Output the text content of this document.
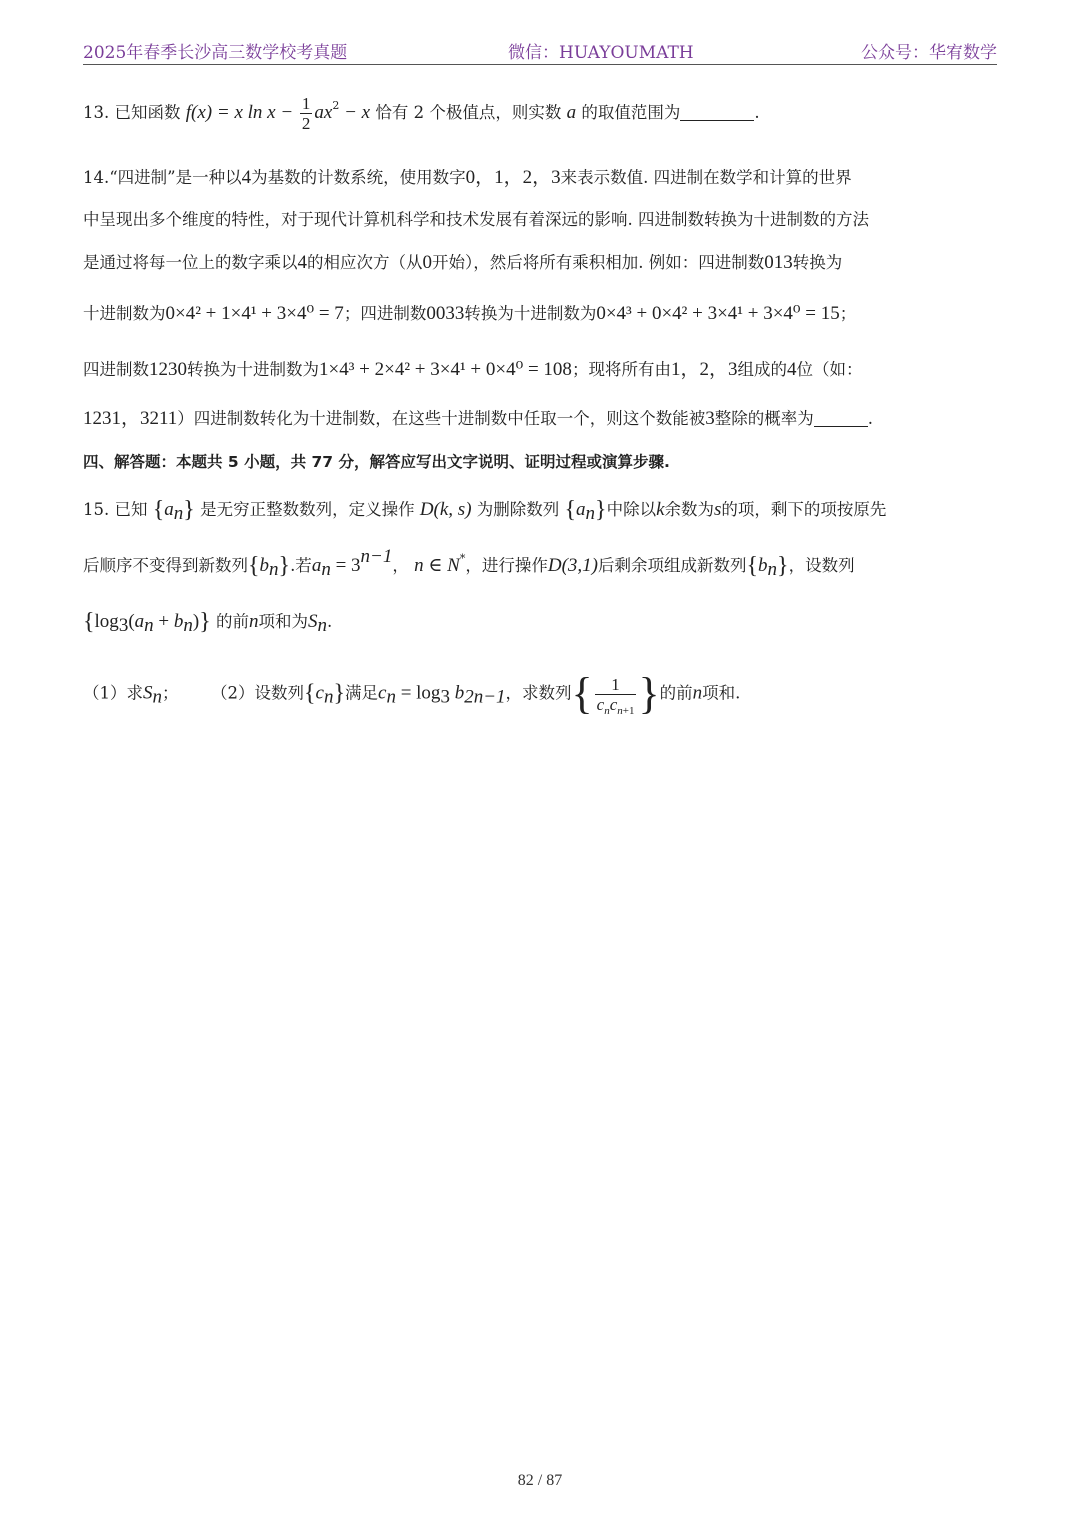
2025年春季长沙高三数学校考真题	微信：HUAYOUMATH	公众号：华宥数学
13. 已知函数 f(x) = x $\ln x - \frac{1}{2} ax^2 - x$ 恰有 2 个极值点，则实数 a 的取值范围为	.
14.“四进制”是一种以4为基数的计数系统，使用数字0，1，2，3来表示数值. 四进制在数学和计算的世界
中呈现出多个维度的特性，对于现代计算机科学和技术发展有着深远的影响. 四进制数转换为十进制数的方法
是通过将每一位上的数字乘以4的相应次方（从0开始），然后将所有乘积相加. 例如：四进制数013转换为
十进制数为0×4² + 1×4¹ + 3×4⁰ = 7；四进制数0033转换为十进制数为0×4³ + 0×4² + 3×4¹ + 3×4⁰ = 15；
四进制数1230转换为十进制数为1×4³ + 2×4² + 3×4¹ + 0×4⁰ = 108；现将所有由1，2，3组成的4位（如：
1231，3211）四进制数转化为十进制数，在这些十进制数中任取一个，则这个数能被3整除的概率为	.
四、解答题：本题共 5 小题，共 77 分，解答应写出文字说明、证明过程或演算步骤.
15. 已知 $\{a_n\}$ 是无穷正整数数列，定义操作 D(k, s) 为删除数列 $\{a_n\}$中除以k余数为s的项，剩下的项按原先
后顺序不变得到新数列$\{b_n\}$.若$a_n = 3^{n-1}$， n ∈ N*，进行操作D(3,1)后剩余项组成新数列$\{b_n\}$，设数列
$\{\log_3(a_n + b_n)\}$ 的前n项和为$S_n$.
（1）求$S_n$； （2）设数列$\{c_n\}$满足$c_n = \log_3 b_{2n-1}$，求数列{ $\frac{1}{c_nc_{n+1}}$ }的前n项和.
82 / 87
